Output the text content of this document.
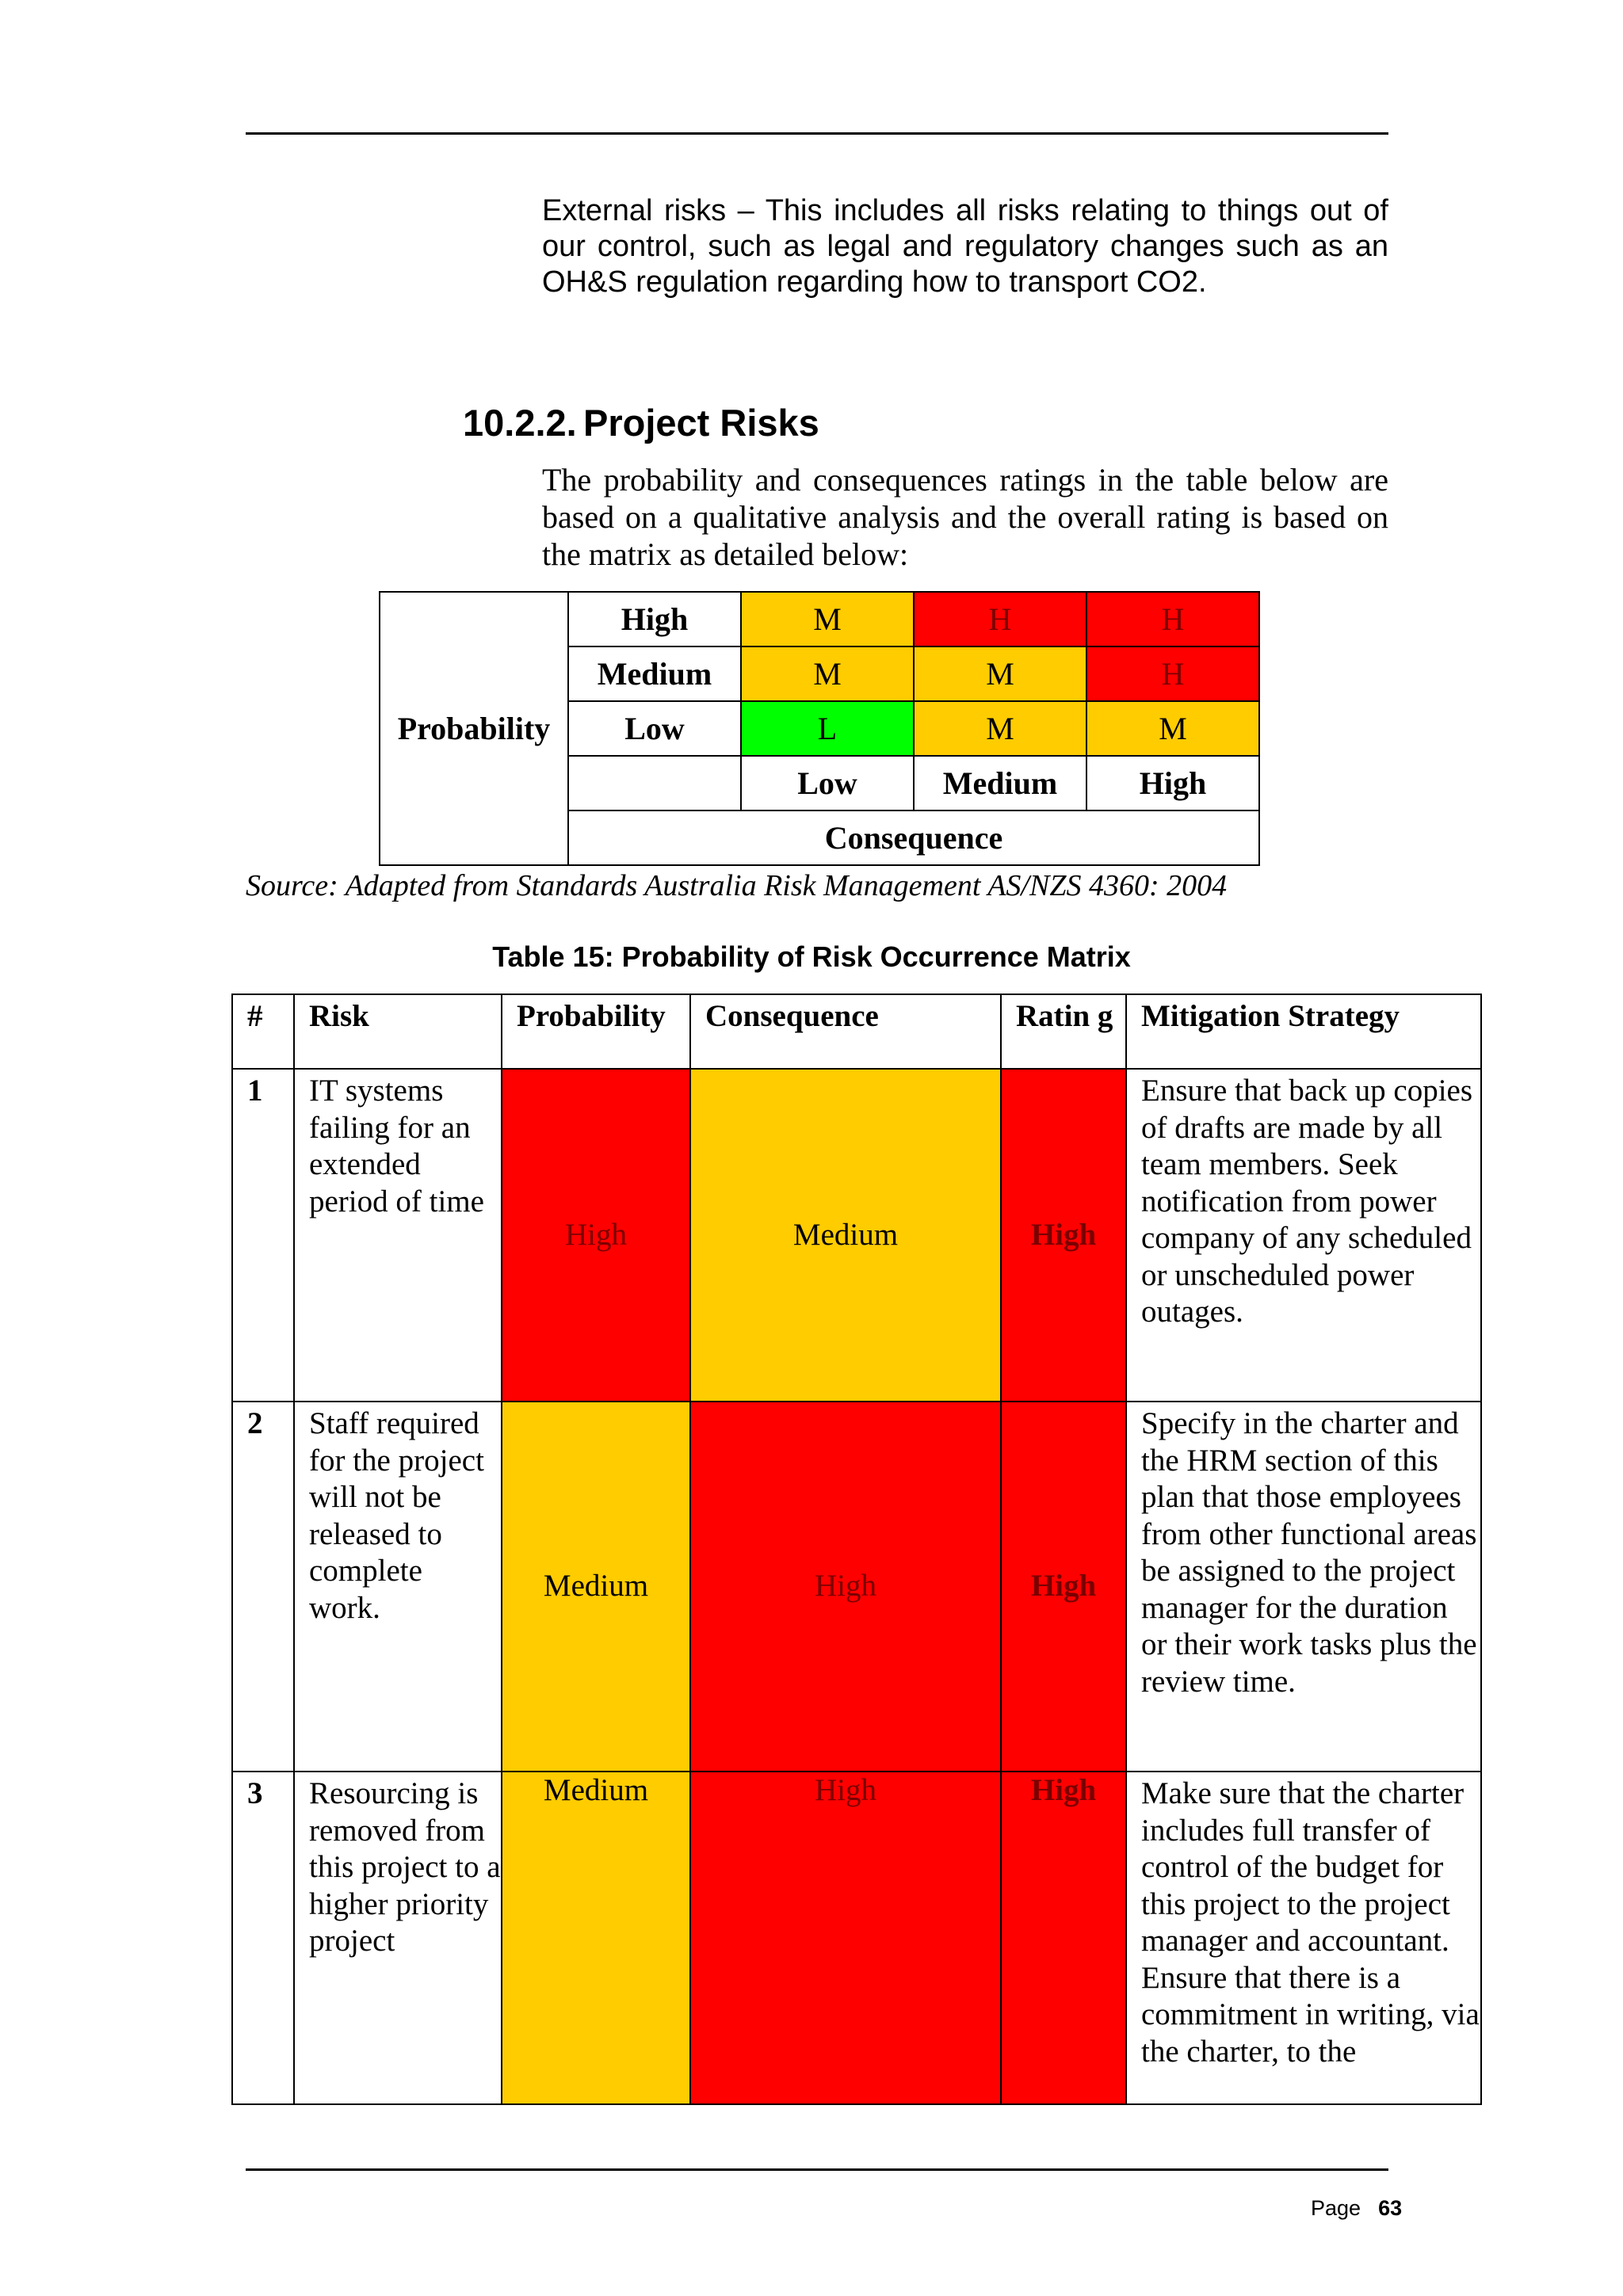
External risks – This includes all risks relating to things out of our control, such as legal and regulatory changes such as an OH&S regulation regarding how to transport CO2.

10.2.2. Project Risks

The probability and consequences ratings in the table below are based on a qualitative analysis and the overall rating is based on the matrix as detailed below:

Probability	High	M	H	H
	Medium	M	M	H
	Low	L	M	M
		Low	Medium	High
	Consequence			
Source: Adapted from Standards Australia Risk Management AS/NZS 4360: 2004
Table 15: Probability of Risk Occurrence Matrix
#	Risk	Probability	Consequence	Ratin g	Mitigation Strategy
1	IT systems failing for an extended period of time	High	Medium	High	Ensure that back up copies of drafts are made by all team members. Seek notification from power company of any scheduled or unscheduled power outages.

2	Staff required for the project will not be released to complete work.	Medium	High	High	Specify in the charter and the HRM section of this plan that those employees from other functional areas be assigned to the project manager for the duration or their work tasks plus the review time.

3	Resourcing is removed from this project to a higher priority project	Medium	High	High	Make sure that the charter includes full transfer of control of the budget for this project to the project manager and accountant. Ensure that there is a commitment in writing, via the charter, to the
Page 63
